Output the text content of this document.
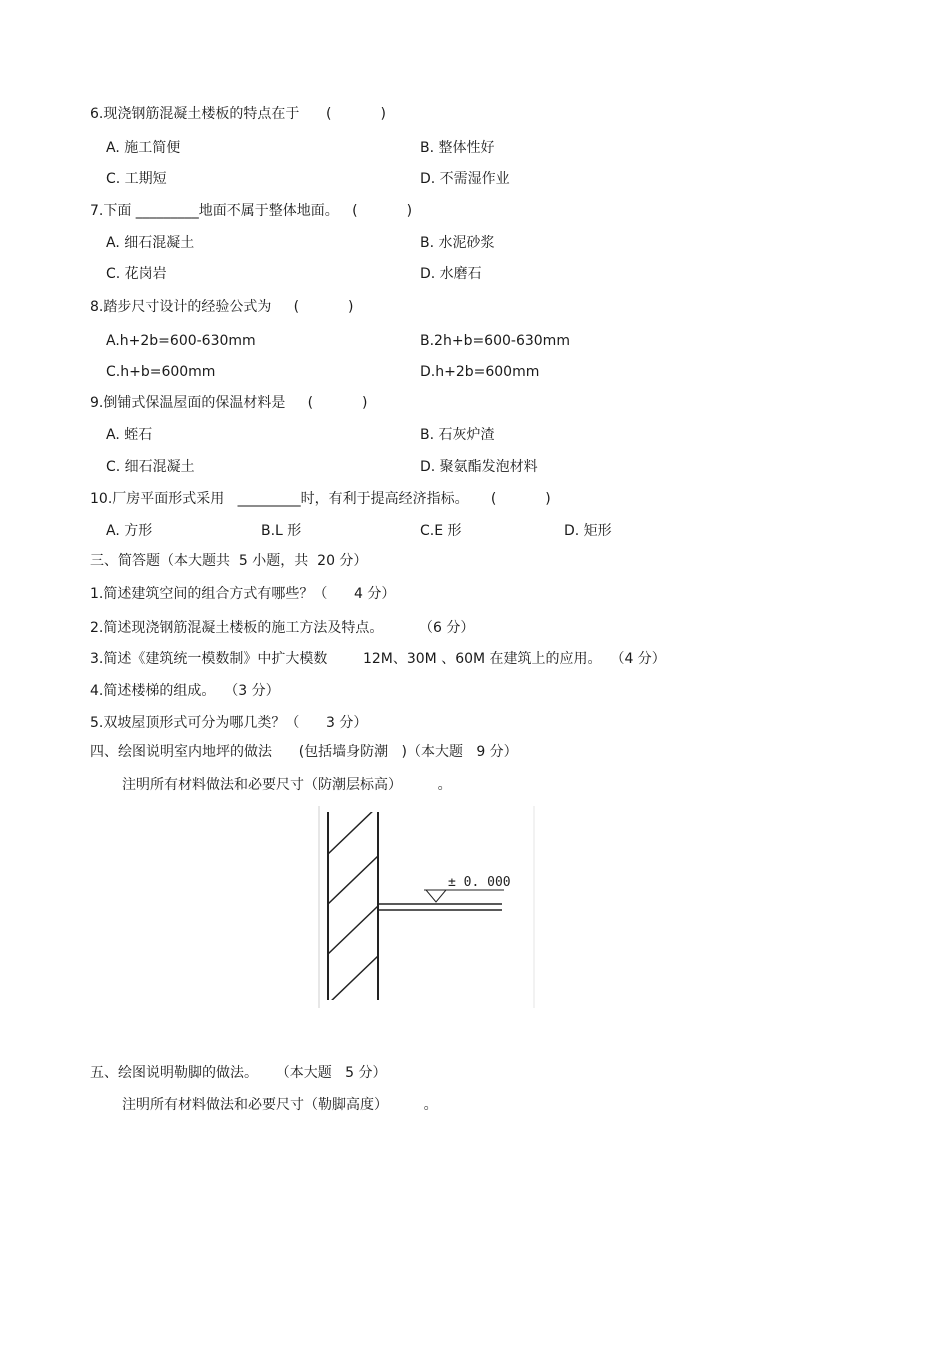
6.现浇钢筋混凝土楼板的特点在于      (           )
A. 施工简便	B. 整体性好
C. 工期短	D. 不需湿作业
7.下面 _________地面不属于整体地面。   (           )
A. 细石混凝土	B. 水泥砂浆
C. 花岗岩	D. 水磨石
8.踏步尺寸设计的经验公式为     (           )
A.h+2b=600-630mm	B.2h+b=600-630mm
C.h+b=600mm	D.h+2b=600mm
9.倒铺式保温屋面的保温材料是     (           )
A. 蛭石	B. 石灰炉渣
C. 细石混凝土	D. 聚氨酯发泡材料
10.厂房平面形式采用   _________时，有利于提高经济指标。     (           )
A. 方形	B.L 形	C.E 形	D. 矩形
三、简答题（本大题共  5 小题，共  20 分）
1.简述建筑空间的组合方式有哪些？（      4 分）
2.简述现浇钢筋混凝土楼板的施工方法及特点。        （6 分）
3.简述《建筑统一模数制》中扩大模数        12M、30M 、60M 在建筑上的应用。  （4 分）
4.简述楼梯的组成。  （3 分）
5.双坡屋顶形式可分为哪几类？（      3 分）
四、绘图说明室内地坪的做法      (包括墙身防潮   )（本大题   9 分）
注明所有材料做法和必要尺寸（防潮层标高）        。
± 0. 000
五、绘图说明勒脚的做法。    （本大题   5 分）
注明所有材料做法和必要尺寸（勒脚高度）        。
